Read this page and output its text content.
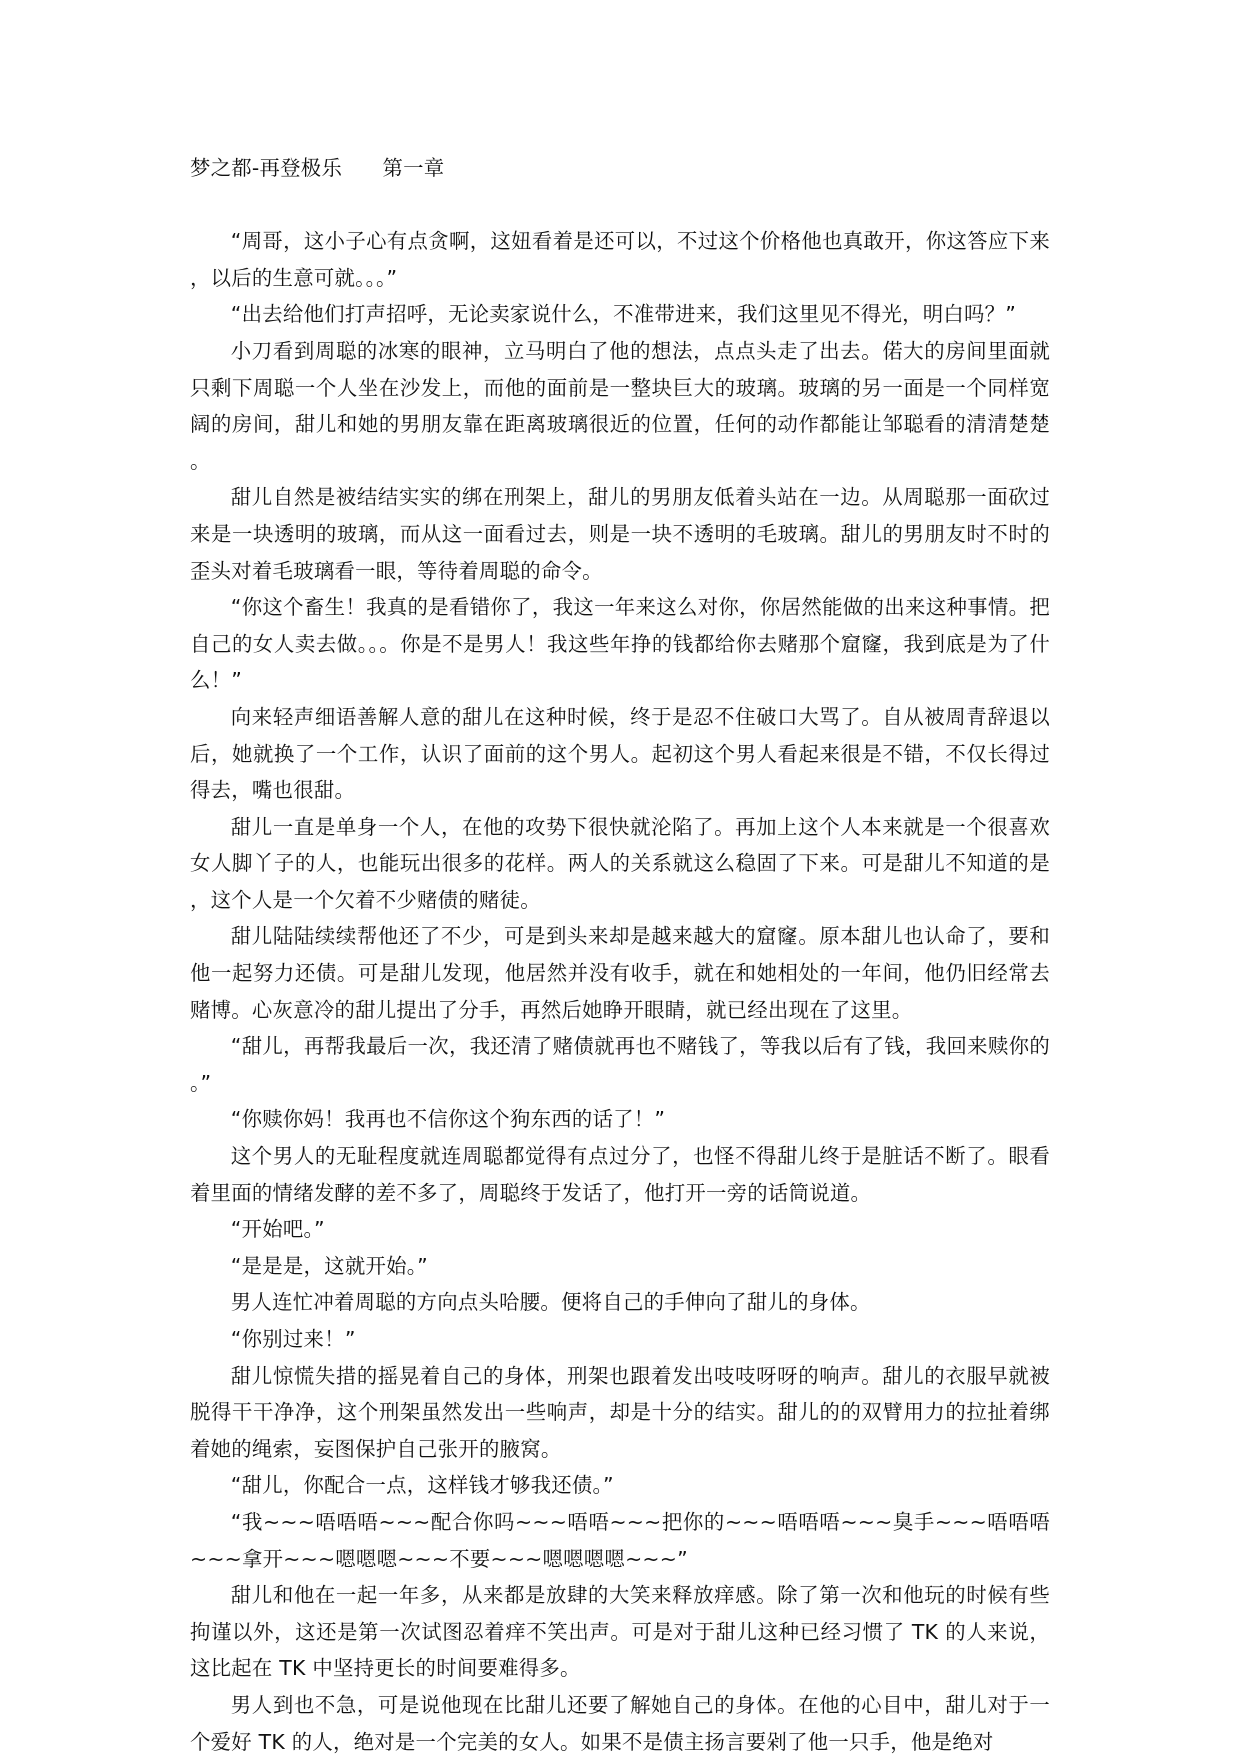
梦之都-再登极乐      第一章

“周哥，这小子心有点贪啊，这妞看着是还可以，不过这个价格他也真敢开，你这答应下来，以后的生意可就。。。”

“出去给他们打声招呼，无论卖家说什么，不准带进来，我们这里见不得光，明白吗？”

小刀看到周聪的冰寒的眼神，立马明白了他的想法，点点头走了出去。偌大的房间里面就只剩下周聪一个人坐在沙发上，而他的面前是一整块巨大的玻璃。玻璃的另一面是一个同样宽阔的房间，甜儿和她的男朋友靠在距离玻璃很近的位置，任何的动作都能让邹聪看的清清楚楚。

甜儿自然是被结结实实的绑在刑架上，甜儿的男朋友低着头站在一边。从周聪那一面砍过来是一块透明的玻璃，而从这一面看过去，则是一块不透明的毛玻璃。甜儿的男朋友时不时的歪头对着毛玻璃看一眼，等待着周聪的命令。

“你这个畜生！我真的是看错你了，我这一年来这么对你，你居然能做的出来这种事情。把自己的女人卖去做。。。你是不是男人！我这些年挣的钱都给你去赌那个窟窿，我到底是为了什么！”

向来轻声细语善解人意的甜儿在这种时候，终于是忍不住破口大骂了。自从被周青辞退以后，她就换了一个工作，认识了面前的这个男人。起初这个男人看起来很是不错，不仅长得过得去，嘴也很甜。

甜儿一直是单身一个人，在他的攻势下很快就沦陷了。再加上这个人本来就是一个很喜欢女人脚丫子的人，也能玩出很多的花样。两人的关系就这么稳固了下来。可是甜儿不知道的是，这个人是一个欠着不少赌债的赌徒。

甜儿陆陆续续帮他还了不少，可是到头来却是越来越大的窟窿。原本甜儿也认命了，要和他一起努力还债。可是甜儿发现，他居然并没有收手，就在和她相处的一年间，他仍旧经常去赌博。心灰意冷的甜儿提出了分手，再然后她睁开眼睛，就已经出现在了这里。

“甜儿，再帮我最后一次，我还清了赌债就再也不赌钱了，等我以后有了钱，我回来赎你的。”

“你赎你妈！我再也不信你这个狗东西的话了！”

这个男人的无耻程度就连周聪都觉得有点过分了，也怪不得甜儿终于是脏话不断了。眼看着里面的情绪发酵的差不多了，周聪终于发话了，他打开一旁的话筒说道。

“开始吧。”

“是是是，这就开始。”

男人连忙冲着周聪的方向点头哈腰。便将自己的手伸向了甜儿的身体。

“你别过来！”

甜儿惊慌失措的摇晃着自己的身体，刑架也跟着发出吱吱呀呀的响声。甜儿的衣服早就被脱得干干净净，这个刑架虽然发出一些响声，却是十分的结实。甜儿的的双臂用力的拉扯着绑着她的绳索，妄图保护自己张开的腋窝。

“甜儿，你配合一点，这样钱才够我还债。”

“我~~~唔唔唔~~~配合你吗~~~唔唔~~~把你的~~~唔唔唔~~~臭手~~~唔唔唔~~~拿开~~~嗯嗯嗯~~~不要~~~嗯嗯嗯嗯~~~”

甜儿和他在一起一年多，从来都是放肆的大笑来释放痒感。除了第一次和他玩的时候有些拘谨以外，这还是第一次试图忍着痒不笑出声。可是对于甜儿这种已经习惯了 TK 的人来说，这比起在 TK 中坚持更长的时间要难得多。

男人到也不急，可是说他现在比甜儿还要了解她自己的身体。在他的心目中，甜儿对于一个爱好 TK 的人，绝对是一个完美的女人。如果不是债主扬言要剁了他一只手，他是绝对
